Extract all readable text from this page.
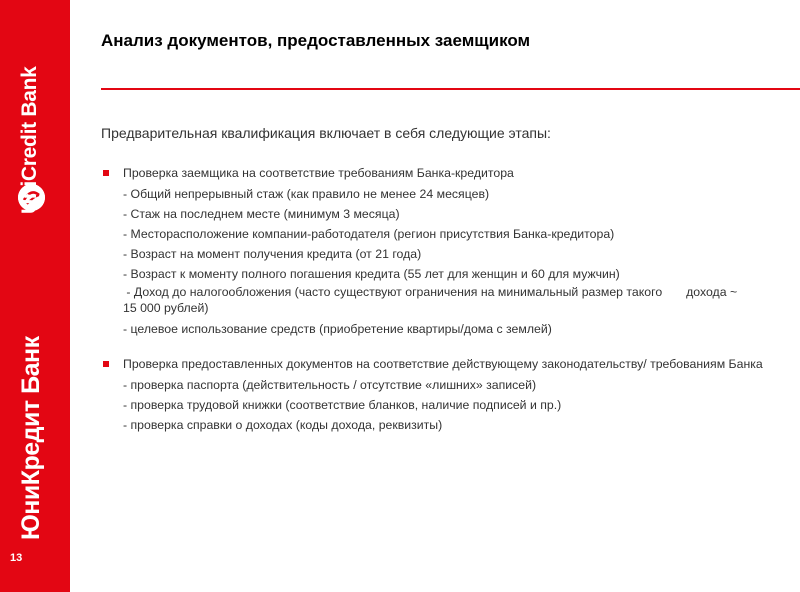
UniCredit Bank
ЮниКредит Банк
13
Анализ документов, предоставленных заемщиком
Предварительная квалификация включает в себя следующие этапы:
Проверка заемщика на соответствие требованиям Банка-кредитора
- Общий непрерывный стаж (как правило не менее 24 месяцев)
- Стаж на последнем месте (минимум 3 месяца)
- Месторасположение компании-работодателя (регион присутствия Банка-кредитора)
- Возраст на момент получения кредита (от 21 года)
- Возраст к моменту полного погашения кредита (55 лет для женщин и 60 для мужчин)
- Доход до налогообложения (часто существуют ограничения на минимальный размер такого       дохода ~ 15 000 рублей)
- целевое использование средств (приобретение квартиры/дома с землей)
Проверка предоставленных документов на соответствие действующему законодательству/ требованиям Банка
- проверка паспорта (действительность / отсутствие «лишних» записей)
- проверка трудовой книжки (соответствие бланков, наличие подписей и пр.)
- проверка справки о доходах (коды дохода, реквизиты)
